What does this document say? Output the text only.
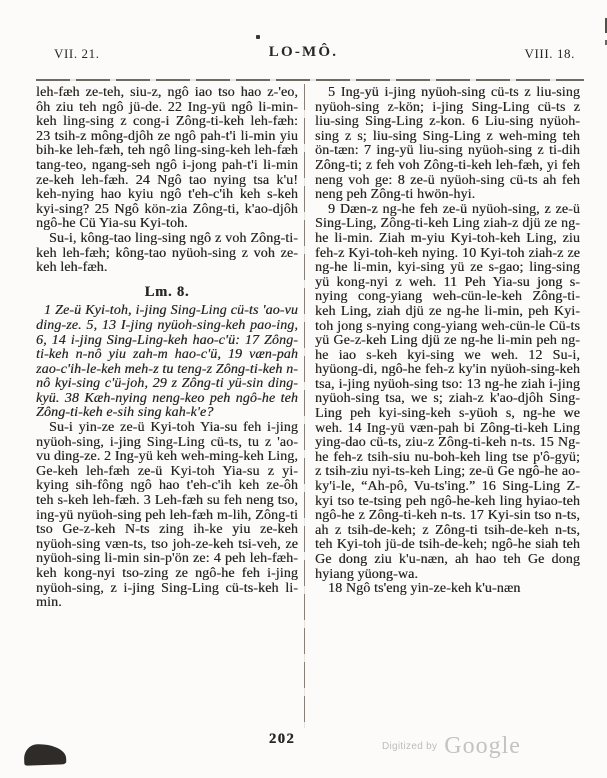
VII. 21.	LO-MÔ.	VIII. 18.

leh-fæh ze-teh, siu-z, ngô iao tso hao z-'eo, ôh ziu teh ngô jü-de. 22 Ing-yü ngô li-min-keh ling-sing z cong-i Zông-ti-keh leh-fæh: 23 tsih-z mông-djôh ze ngô pah-t'i li-min yiu bih-ke leh-fæh, teh ngô ling-sing-keh leh-fæh tang-teo, ngang-seh ngô i-jong pah-t'i li-min ze-keh leh-fæh. 24 Ngô tao nying tsa k'u! keh-nying hao kyiu ngô t'eh-c'ih keh s-keh kyi-sing? 25 Ngô kön-zia Zông-ti, k'ao-djôh ngô-he Cü Yia-su Kyi-toh.

Su-i, kông-tao ling-sing ngô z voh Zông-ti-keh leh-fæh; kông-tao nyüoh-sing z voh ze-keh leh-fæh.

Lm. 8.

1 Ze-ü Kyi-toh, i-jing Sing-Ling cü-ts 'ao-vu ding-ze. 5, 13 I-jing nyüoh-sing-keh pao-ing, 6, 14 i-jing Sing-Ling-keh hao-c'ü: 17 Zông-ti-keh n-nô yiu zah-m hao-c'ü, 19 væn-pah zao-c'ih-le-keh meh-z tu teng-z Zông-ti-keh n-nô kyi-sing c'ü-joh, 29 z Zông-ti yü-sin ding-kyü. 38 Kæh-nying neng-keo peh ngô-he teh Zông-ti-keh e-sih sing kah-k'e?

Su-i yin-ze ze-ü Kyi-toh Yia-su feh i-jing nyüoh-sing, i-jing Sing-Ling cü-ts, tu z 'ao-vu ding-ze. 2 Ing-yü keh weh-ming-keh Ling, Ge-keh leh-fæh ze-ü Kyi-toh Yia-su z yi-kying sih-fông ngô hao t'eh-c'ih keh ze-ôh teh s-keh leh-fæh. 3 Leh-fæh su feh neng tso, ing-yü nyüoh-sing peh leh-fæh m-lih, Zông-ti tso Ge-z-keh N-ts zing ih-ke yiu ze-keh nyüoh-sing væn-ts, tso joh-ze-keh tsi-veh, ze nyüoh-sing li-min sin-p'ön ze: 4 peh leh-fæh-keh kong-nyi tso-zing ze ngô-he feh i-jing nyüoh-sing, z i-jing Sing-Ling cü-ts-keh li-min.

5 Ing-yü i-jing nyüoh-sing cü-ts z liu-sing nyüoh-sing z-kön; i-jing Sing-Ling cü-ts z liu-sing Sing-Ling z-kon. 6 Liu-sing nyüoh-sing z s; liu-sing Sing-Ling z weh-ming teh ön-tæn: 7 ing-yü liu-sing nyüoh-sing z ti-dih Zông-ti; z feh voh Zông-ti-keh leh-fæh, yi feh neng voh ge: 8 ze-ü nyüoh-sing cü-ts ah feh neng peh Zông-ti hwön-hyi.

9 Dæn-z ng-he feh ze-ü nyüoh-sing, z ze-ü Sing-Ling, Zông-ti-keh Ling ziah-z djü ze ng-he li-min. Ziah m-yiu Kyi-toh-keh Ling, ziu feh-z Kyi-toh-keh nying. 10 Kyi-toh ziah-z ze ng-he li-min, kyi-sing yü ze s-gao; ling-sing yü kong-nyi z weh. 11 Peh Yia-su jong s-nying cong-yiang weh-cün-le-keh Zông-ti-keh Ling, ziah djü ze ng-he li-min, peh Kyi-toh jong s-nying cong-yiang weh-cün-le Cü-ts yü Ge-z-keh Ling djü ze ng-he li-min peh ng-he iao s-keh kyi-sing we weh. 12 Su-i, hyüong-di, ngô-he feh-z ky'in nyüoh-sing-keh tsa, i-jing nyüoh-sing tso: 13 ng-he ziah i-jing nyüoh-sing tsa, we s; ziah-z k'ao-djôh Sing-Ling peh kyi-sing-keh s-yüoh s, ng-he we weh. 14 Ing-yü væn-pah bi Zông-ti-keh Ling ying-dao cü-ts, ziu-z Zông-ti-keh n-ts. 15 Ng-he feh-z tsih-siu nu-boh-keh ling tse p'ô-gyü; z tsih-ziu nyi-ts-keh Ling; ze-ü Ge ngô-he ao-ky'i-le, “Ah-pô, Vu-ts'ing.” 16 Sing-Ling Z-kyi tso te-tsing peh ngô-he-keh ling hyiao-teh ngô-he z Zông-ti-keh n-ts. 17 Kyi-sin tso n-ts, ah z tsih-de-keh; z Zông-ti tsih-de-keh n-ts, teh Kyi-toh jü-de tsih-de-keh; ngô-he siah teh Ge dong ziu k'u-næn, ah hao teh Ge dong hyiang yüong-wa.

18 Ngô ts'eng yin-ze-keh k'u-næn

202	Digitized by Google
